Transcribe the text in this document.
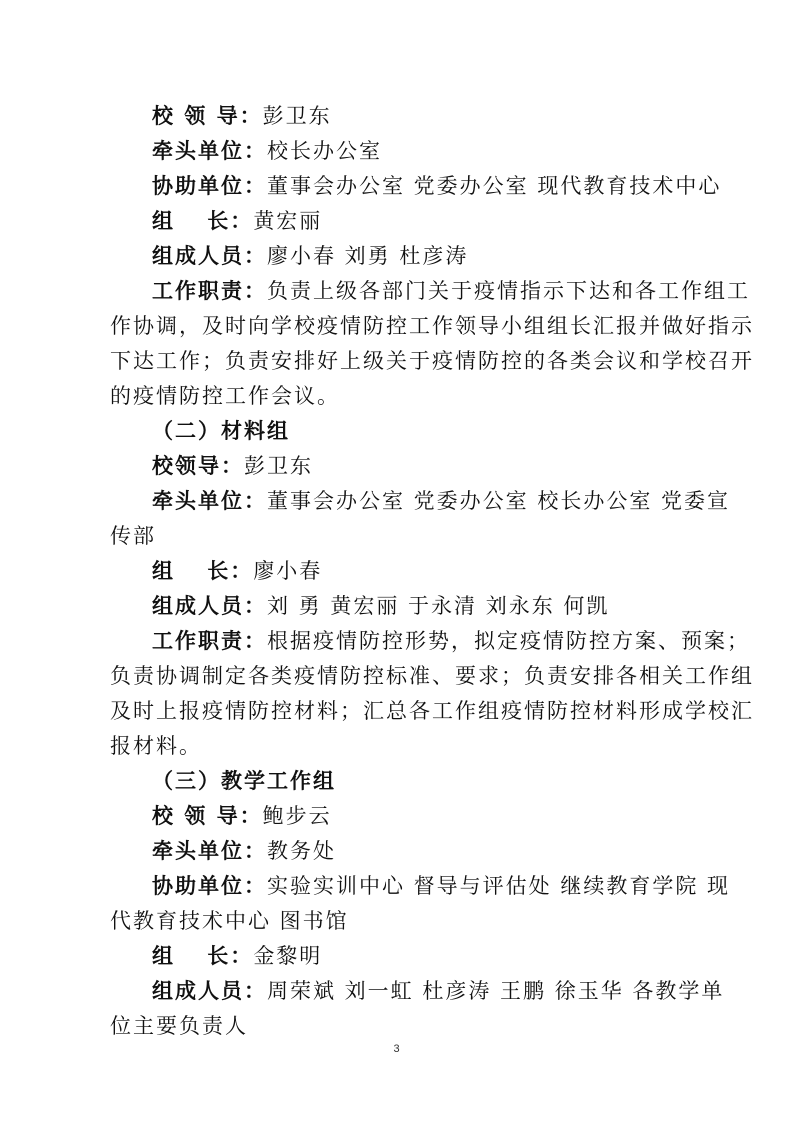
校 领 导：彭卫东
牵头单位：校长办公室
协助单位：董事会办公室 党委办公室 现代教育技术中心
组　 长：黄宏丽
组成人员：廖小春 刘勇 杜彦涛
工作职责：负责上级各部门关于疫情指示下达和各工作组工
作协调，及时向学校疫情防控工作领导小组组长汇报并做好指示
下达工作；负责安排好上级关于疫情防控的各类会议和学校召开
的疫情防控工作会议。
（二）材料组
校领导：彭卫东
牵头单位：董事会办公室 党委办公室 校长办公室 党委宣
传部
组　 长：廖小春
组成人员：刘 勇 黄宏丽 于永清 刘永东 何凯
工作职责：根据疫情防控形势，拟定疫情防控方案、预案；
负责协调制定各类疫情防控标准、要求；负责安排各相关工作组
及时上报疫情防控材料；汇总各工作组疫情防控材料形成学校汇
报材料。
（三）教学工作组
校 领 导：鲍步云
牵头单位：教务处
协助单位：实验实训中心 督导与评估处 继续教育学院 现
代教育技术中心 图书馆
组　 长：金黎明
组成人员：周荣斌 刘一虹 杜彦涛 王鹏 徐玉华 各教学单
位主要负责人
3
